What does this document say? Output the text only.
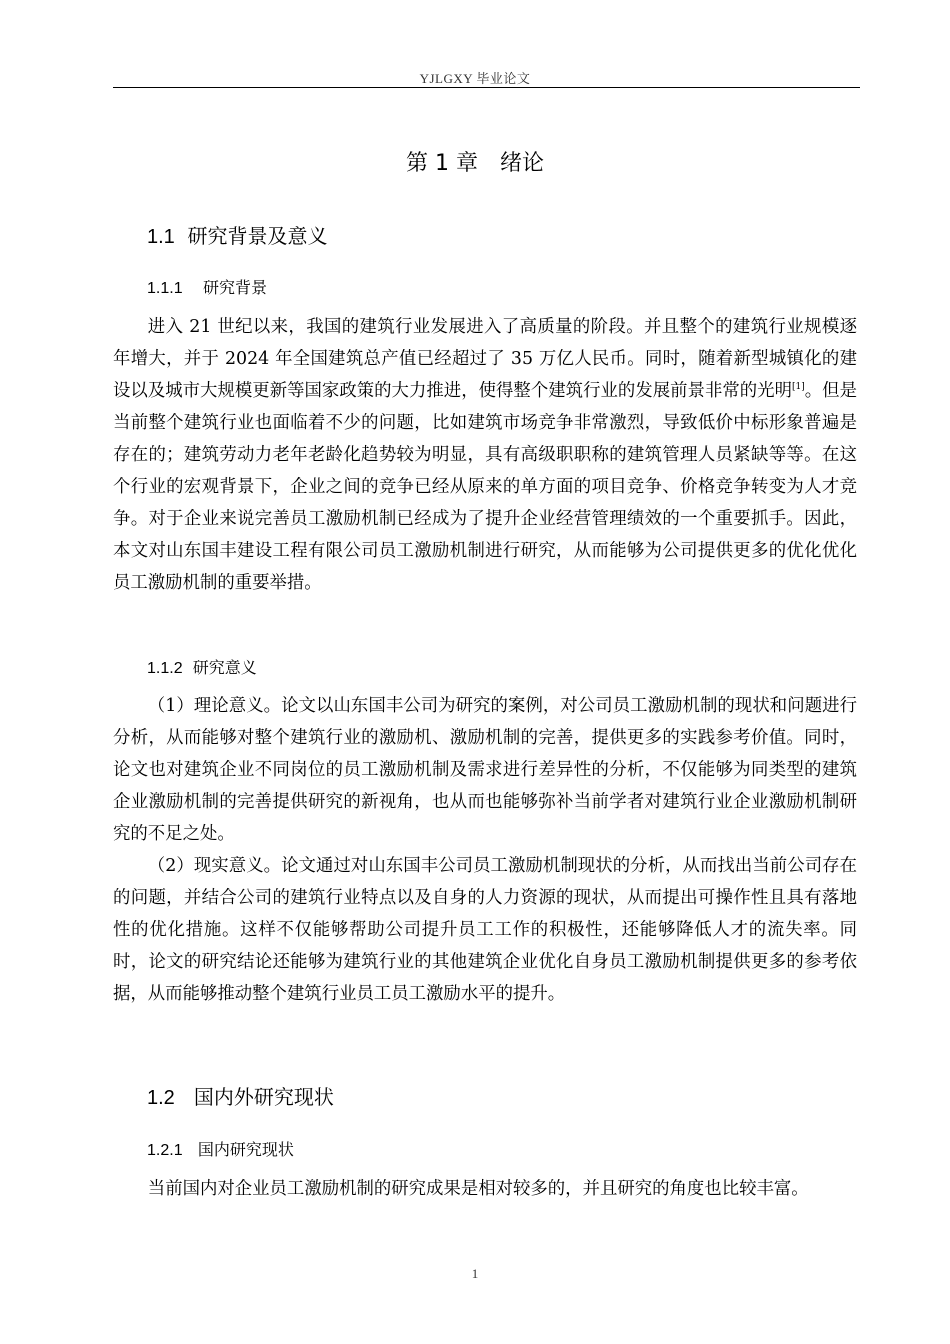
YJLGXY 毕业论文
第 1 章　绪论
1.1 研究背景及意义
1.1.1 研究背景
进入 21 世纪以来，我国的建筑行业发展进入了高质量的阶段。并且整个的建筑行业规模逐年增大，并于 2024 年全国建筑总产值已经超过了 35 万亿人民币。同时，随着新型城镇化的建设以及城市大规模更新等国家政策的大力推进，使得整个建筑行业的发展前景非常的光明[1]。但是当前整个建筑行业也面临着不少的问题，比如建筑市场竞争非常激烈，导致低价中标形象普遍是存在的；建筑劳动力老年老龄化趋势较为明显，具有高级职职称的建筑管理人员紧缺等等。在这个行业的宏观背景下，企业之间的竞争已经从原来的单方面的项目竞争、价格竞争转变为人才竞争。对于企业来说完善员工激励机制已经成为了提升企业经营管理绩效的一个重要抓手。因此，本文对山东国丰建设工程有限公司员工激励机制进行研究，从而能够为公司提供更多的优化优化员工激励机制的重要举措。
1.1.2 研究意义
（1）理论意义。论文以山东国丰公司为研究的案例，对公司员工激励机制的现状和问题进行分析，从而能够对整个建筑行业的激励机、激励机制的完善，提供更多的实践参考价值。同时，论文也对建筑企业不同岗位的员工激励机制及需求进行差异性的分析，不仅能够为同类型的建筑企业激励机制的完善提供研究的新视角，也从而也能够弥补当前学者对建筑行业企业激励机制研究的不足之处。
（2）现实意义。论文通过对山东国丰公司员工激励机制现状的分析，从而找出当前公司存在的问题，并结合公司的建筑行业特点以及自身的人力资源的现状，从而提出可操作性且具有落地性的优化措施。这样不仅能够帮助公司提升员工工作的积极性，还能够降低人才的流失率。同时，论文的研究结论还能够为建筑行业的其他建筑企业优化自身员工激励机制提供更多的参考依据，从而能够推动整个建筑行业员工员工激励水平的提升。
1.2 国内外研究现状
1.2.1 国内研究现状
当前国内对企业员工激励机制的研究成果是相对较多的，并且研究的角度也比较丰富。
1
